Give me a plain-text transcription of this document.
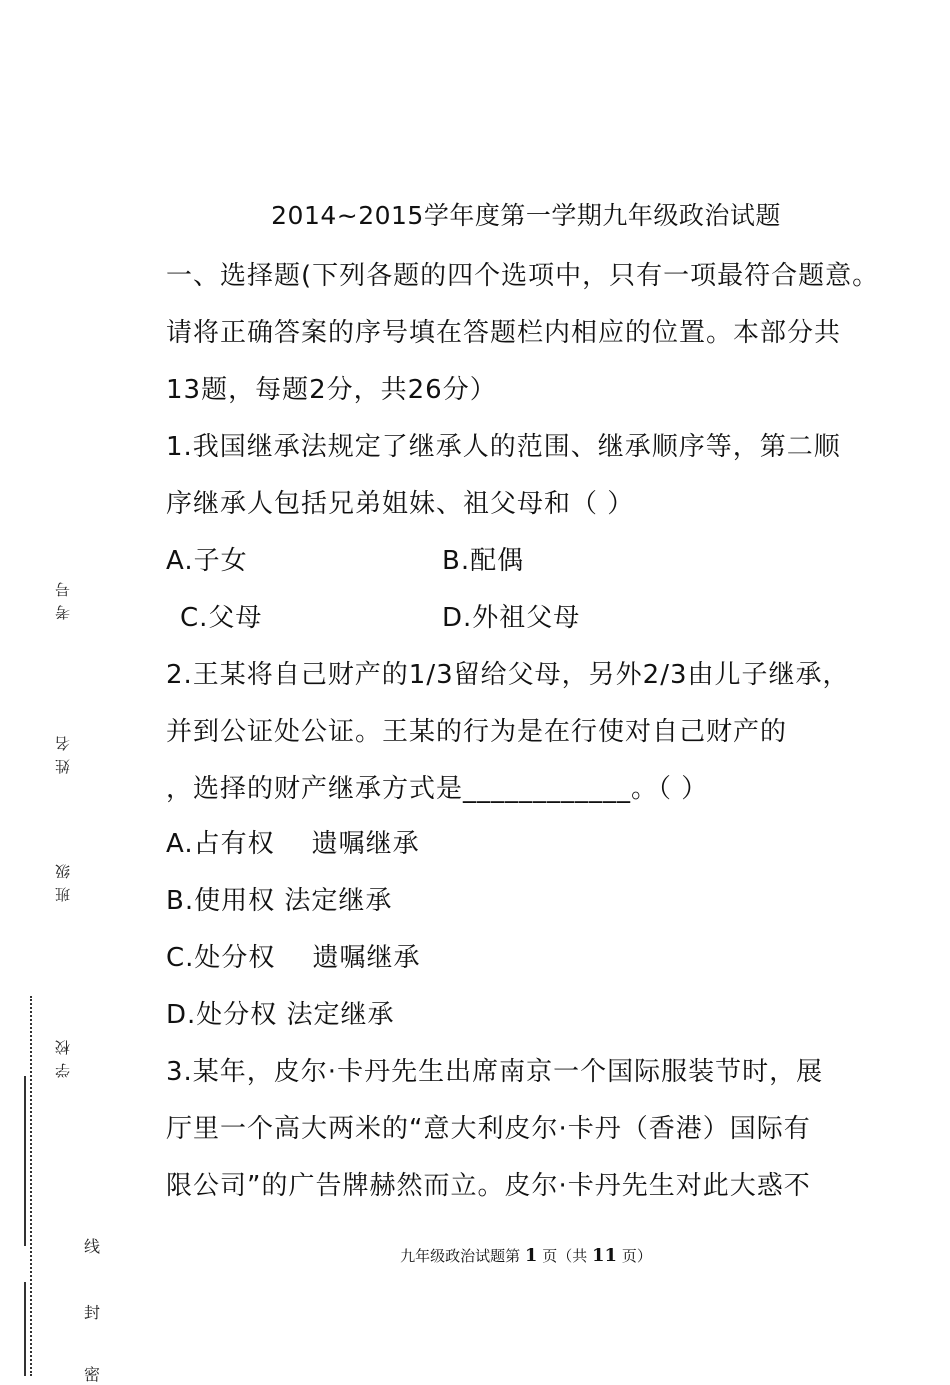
2014~2015学年度第一学期九年级政治试题
一、选择题(下列各题的四个选项中，只有一项最符合题意。
请将正确答案的序号填在答题栏内相应的位置。本部分共
13题，每题2分，共26分）
1.我国继承法规定了继承人的范围、继承顺序等，第二顺
序继承人包括兄弟姐妹、祖父母和（ ）
A.子女	B.配偶
C.父母	D.外祖父母
2.王某将自己财产的1/3留给父母，另外2/3由儿子继承，
并到公证处公证。王某的行为是在行使对自己财产的
，选择的财产继承方式是____________。（ ）
A.占有权    遗嘱继承
B.使用权 法定继承
C.处分权    遗嘱继承
D.处分权 法定继承
3.某年，皮尔·卡丹先生出席南京一个国际服装节时，展
厅里一个高大两米的“意大利皮尔·卡丹（香港）国际有
限公司”的广告牌赫然而立。皮尔·卡丹先生对此大惑不
考号
姓名
班级
学校
线
封
密
九年级政治试题第 1 页（共 11 页）
